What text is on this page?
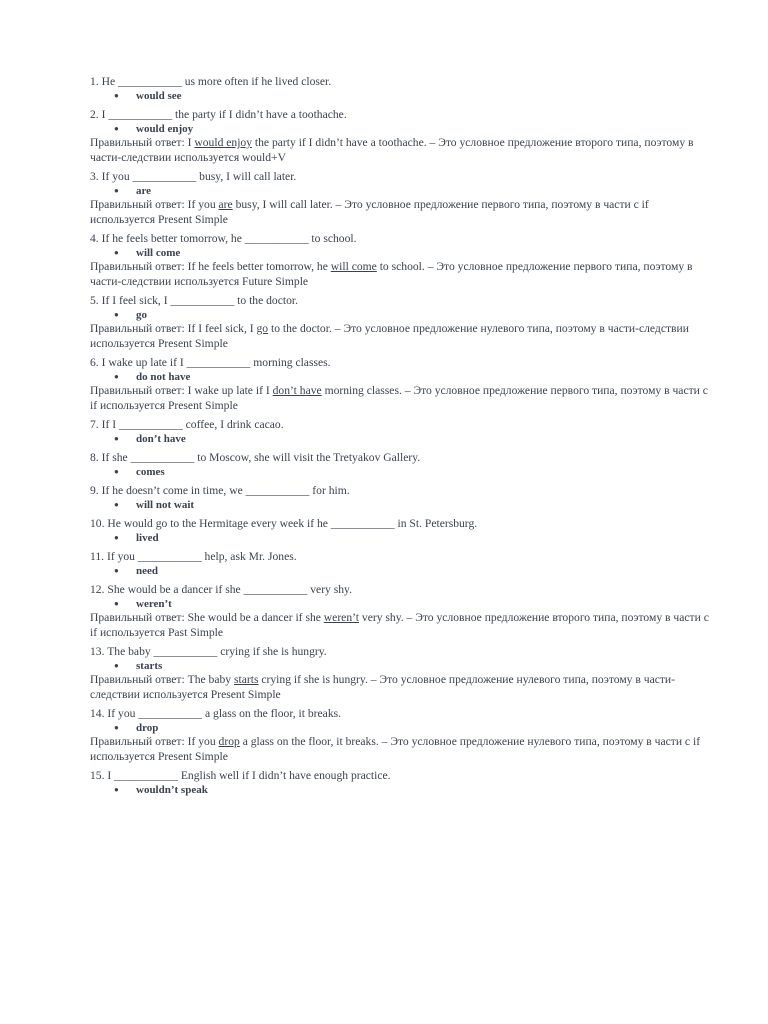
1. He ___________ us more often if he lived closer.
● would see
2. I ___________ the party if I didn’t have a toothache.
● would enjoy
Правильный ответ: I would enjoy the party if I didn’t have a toothache. – Это условное предложение второго типа, поэтому в части-следствии используется would+V
3. If you ___________ busy, I will call later.
● are
Правильный ответ: If you are busy, I will call later. – Это условное предложение первого типа, поэтому в части с if используется Present Simple
4. If he feels better tomorrow, he ___________ to school.
● will come
Правильный ответ: If he feels better tomorrow, he will come to school. – Это условное предложение первого типа, поэтому в части-следствии используется Future Simple
5. If I feel sick, I ___________ to the doctor.
● go
Правильный ответ: If I feel sick, I go to the doctor. – Это условное предложение нулевого типа, поэтому в части-следствии используется Present Simple
6. I wake up late if I ___________ morning classes.
● do not have
Правильный ответ: I wake up late if I don’t have morning classes. – Это условное предложение первого типа, поэтому в части с if используется Present Simple
7. If I ___________ coffee, I drink cacao.
● don’t have
8. If she ___________ to Moscow, she will visit the Tretyakov Gallery.
● comes
9. If he doesn’t come in time, we ___________ for him.
● will not wait
10. He would go to the Hermitage every week if he ___________ in St. Petersburg.
● lived
11. If you ___________ help, ask Mr. Jones.
● need
12. She would be a dancer if she ___________ very shy.
● weren’t
Правильный ответ: She would be a dancer if she weren’t very shy. – Это условное предложение второго типа, поэтому в части с if используется Past Simple
13. The baby ___________ crying if she is hungry.
● starts
Правильный ответ: The baby starts crying if she is hungry. – Это условное предложение нулевого типа, поэтому в части-следствии используется Present Simple
14. If you ___________ a glass on the floor, it breaks.
● drop
Правильный ответ: If you drop a glass on the floor, it breaks. – Это условное предложение нулевого типа, поэтому в части с if используется Present Simple
15. I ___________ English well if I didn’t have enough practice.
● wouldn’t speak
